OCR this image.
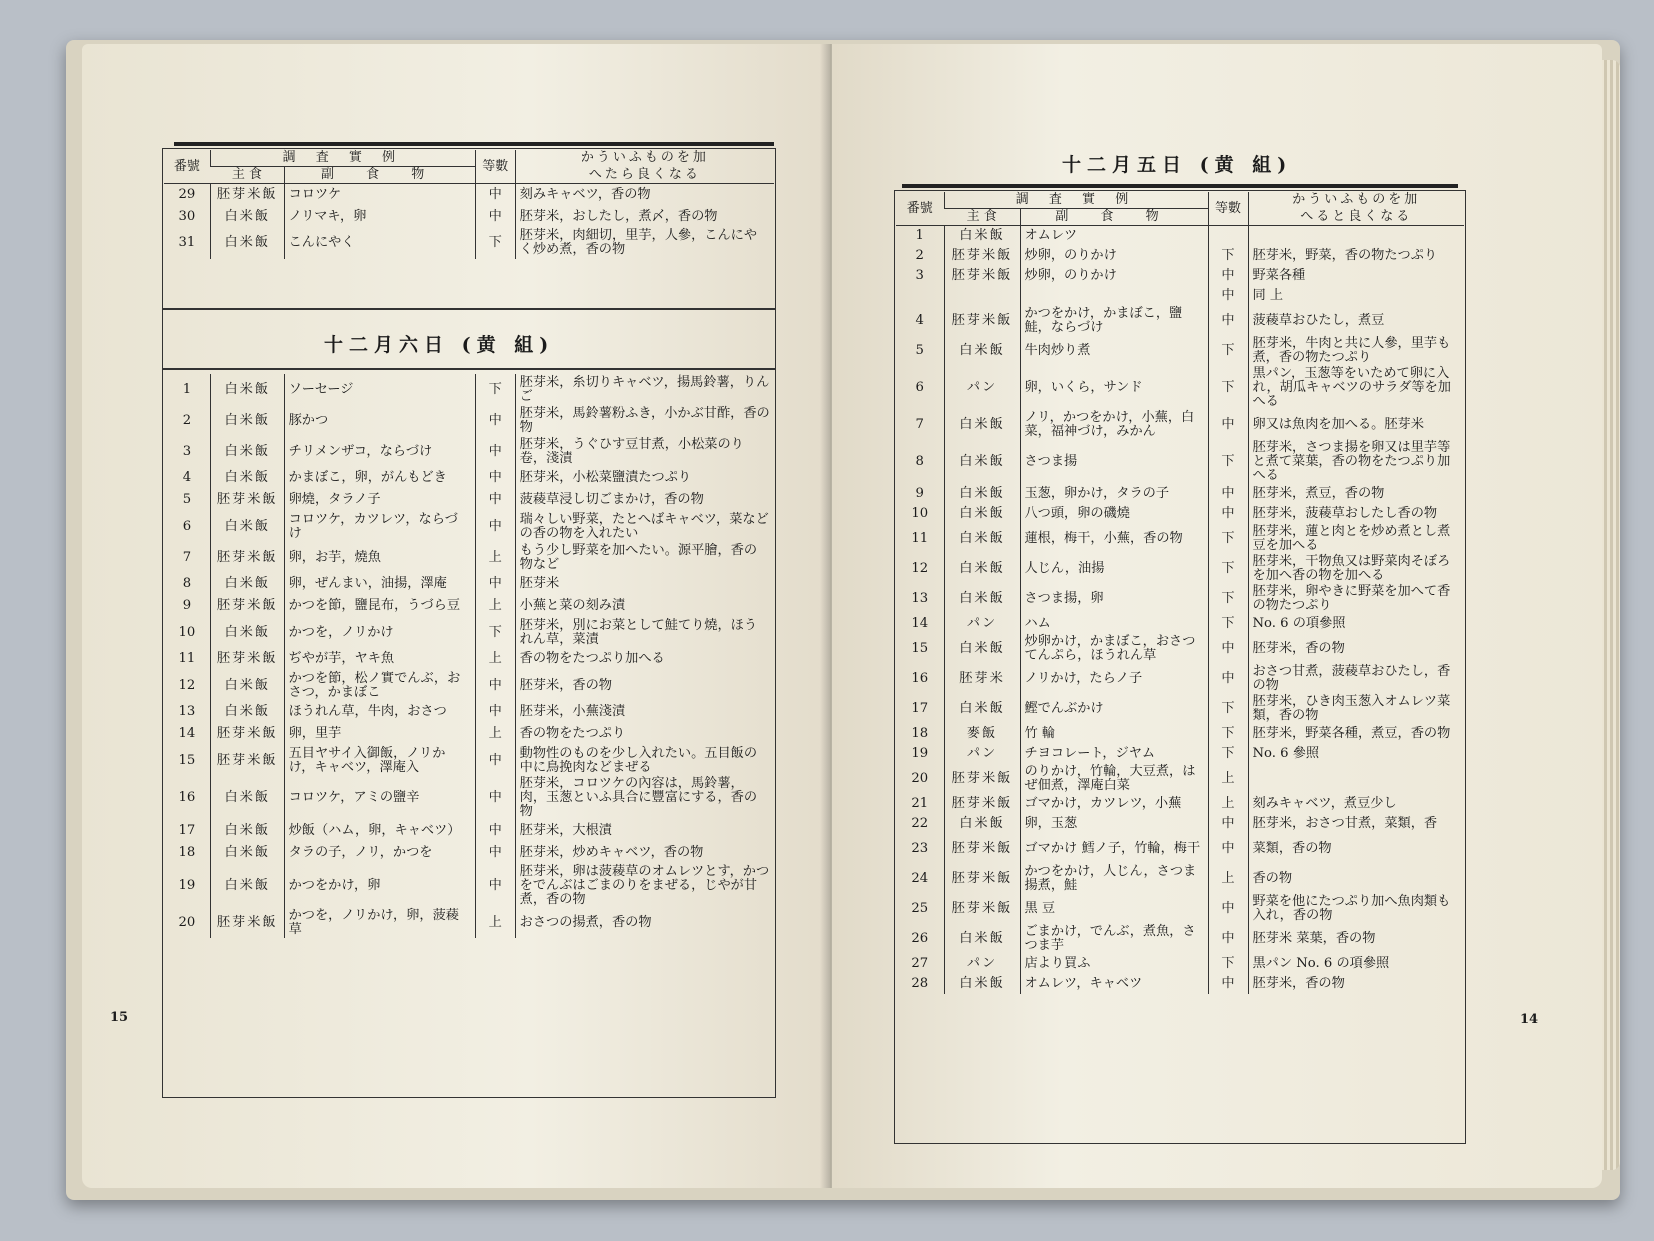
番號	調 査 實 例		等數	かういふものを加
	主 食	副 食 物		へたら良くなる
29	胚芽米飯	コロツケ	中	刻みキャベツ，香の物
30	白米飯	ノリマキ，卵	中	胚芽米，おしたし，煮〆，香の物
31	白米飯	こんにやく	下	胚芽米，肉細切，里芋，人參，こんにやく炒め煮，香の物
十二月六日 (黄 組)
1	白米飯	ソーセージ	下	胚芽米，糸切りキャベツ，揚馬鈴薯，りんご
2	白米飯	豚かつ	中	胚芽米，馬鈴薯粉ふき，小かぶ甘酢，香の物
3	白米飯	チリメンザコ，ならづけ	中	胚芽米，うぐひす豆甘煮，小松菜のり卷，淺漬
4	白米飯	かまぼこ，卵，がんもどき	中	胚芽米，小松菜鹽漬たつぷり
5	胚芽米飯	卵燒，タラノ子	中	菠薐草浸し切ごまかけ，香の物
6	白米飯	コロツケ，カツレツ，ならづけ	中	瑞々しい野菜，たとへばキャベツ，菜などの香の物を入れたい
7	胚芽米飯	卵，お芋，燒魚	上	もう少し野菜を加へたい。源平膾，香の物など
8	白米飯	卵，ぜんまい，油揚，澤庵	中	胚芽米
9	胚芽米飯	かつを節，鹽昆布，うづら豆	上	小蕪と菜の刻み漬
10	白米飯	かつを，ノリかけ	下	胚芽米，別にお菜として鮭てり燒，ほうれん草，菜漬
11	胚芽米飯	ぢやが芋，ヤキ魚	上	香の物をたつぷり加へる
12	白米飯	かつを節，松ノ實でんぶ，おさつ，かまぼこ	中	胚芽米，香の物
13	白米飯	ほうれん草，牛肉，おさつ	中	胚芽米，小蕪淺漬
14	胚芽米飯	卵，里芋	上	香の物をたつぷり
15	胚芽米飯	五目ヤサイ入御飯，ノリかけ，キャベツ，澤庵入	中	動物性のものを少し入れたい。五目飯の中に鳥挽肉などまぜる
16	白米飯	コロツケ，アミの鹽辛	中	胚芽米，コロツケの內容は，馬鈴薯，肉，玉葱といふ具合に豐富にする，香の物
17	白米飯	炒飯（ハム，卵，キャベツ）	中	胚芽米，大根漬
18	白米飯	タラの子，ノリ，かつを	中	胚芽米，炒めキャベツ，香の物
19	白米飯	かつをかけ，卵	中	胚芽米，卵は菠薐草のオムレツとす，かつをでんぶはごまのりをまぜる，じやが甘煮，香の物
20	胚芽米飯	かつを，ノリかけ，卵，菠薐草	上	おさつの揚煮，香の物
15
十二月五日 (黄 組)
番號	調 査 實 例		等數	かういふものを加
	主 食	副 食 物		へると良くなる
1	白米飯	オムレツ		
2	胚芽米飯	炒卵，のりかけ	下	胚芽米，野菜，香の物たつぷり
3	胚芽米飯	炒卵，のりかけ	中	野菜各種
			中	同 上
4	胚芽米飯	かつをかけ，かまぼこ，鹽鮭，ならづけ	中	菠薐草おひたし，煮豆
5	白米飯	牛肉炒り煮	下	胚芽米，牛肉と共に人參，里芋も煮，香の物たつぷり
6	パン	卵，いくら，サンド	下	黒パン，玉葱等をいためて卵に入れ，胡瓜キャベツのサラダ等を加へる
7	白米飯	ノリ，かつをかけ，小蕪，白菜，福神づけ，みかん	中	卵又は魚肉を加へる。胚芽米
8	白米飯	さつま揚	下	胚芽米，さつま揚を卵又は里芋等と煮て菜葉，香の物をたつぷり加へる
9	白米飯	玉葱，卵かけ，タラの子	中	胚芽米，煮豆，香の物
10	白米飯	八つ頭，卵の磯燒	中	胚芽米，菠薐草おしたし香の物
11	白米飯	蓮根，梅干，小蕪，香の物	下	胚芽米，蓮と肉とを炒め煮とし煮豆を加へる
12	白米飯	人じん，油揚	下	胚芽米，干物魚又は野菜肉そぼろを加へ香の物を加へる
13	白米飯	さつま揚，卵	下	胚芽米，卵やきに野菜を加へて香の物たつぷり
14	パン	ハム	下	No. 6 の項參照
15	白米飯	炒卵かけ，かまぼこ，おさつてんぷら，ほうれん草	中	胚芽米，香の物
16	胚芽米	ノリかけ，たらノ子	中	おさつ甘煮，菠薐草おひたし，香の物
17	白米飯	鰹でんぶかけ	下	胚芽米，ひき肉玉葱入オムレツ菜類，香の物
18	麥飯	竹 輪	下	胚芽米，野菜各種，煮豆，香の物
19	パン	チヨコレート，ジヤム	下	No. 6 參照
20	胚芽米飯	のりかけ，竹輪，大豆煮，はぜ佃煮，澤庵白菜	上	
21	胚芽米飯	ゴマかけ，カツレツ，小蕪	上	刻みキャベツ，煮豆少し
22	白米飯	卵，玉葱	中	胚芽米，おさつ甘煮，菜類，香
23	胚芽米飯	ゴマかけ 鱈ノ子，竹輪，梅干	中	菜類，香の物
24	胚芽米飯	かつをかけ，人じん，さつま揚煮，鮭	上	香の物
25	胚芽米飯	黒 豆	中	野菜を他にたつぷり加へ魚肉類も入れ，香の物
26	白米飯	ごまかけ，でんぶ，煮魚，さつま芋	中	胚芽米 菜葉，香の物
27	パン	店より買ふ	下	黒パン No. 6 の項參照
28	白米飯	オムレツ，キャベツ	中	胚芽米，香の物
14
